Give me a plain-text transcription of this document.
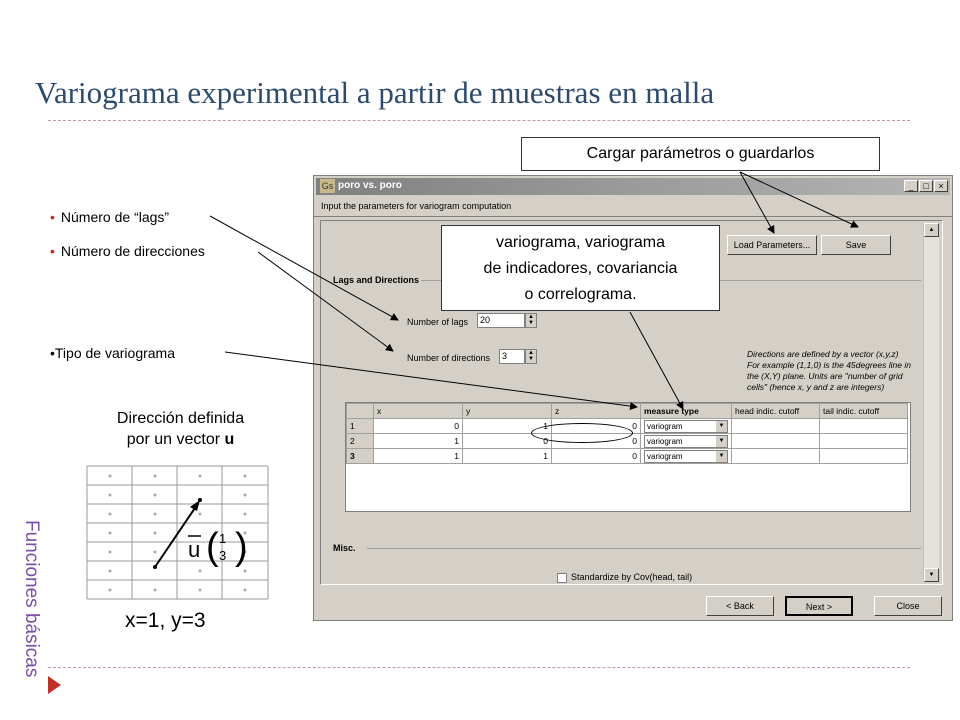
Variograma experimental a partir de muestras en malla
Funciones básicas
• Número de “lags”
• Número de direcciones
•Tipo de variograma
Dirección definida
por un vector u
u ( )
1
3
x=1, y=3
Gs poro vs. poro	_	□	×
Input the parameters for variogram computation
Load Parameters...	Save
Lags and Directions
Number of lags	20	▲
▼
Number of directions	3	▲
▼	Directions are defined by a vector (x,y,z) For example (1,1,0) is the 45degrees line in the (X,Y) plane. Units are "number of grid cells" (hence x, y and z are integers)
	x	y	z	measure type	head indic. cutoff	tail indic. cutoff
1	0	1	0	variogram ▼		

2	1	0	0	variogram ▼		

3	1	1	0	variogram ▼		

Misc.
Standardize by Cov(head, tail)
▲
▼
< Back	Next >	Close
Cargar parámetros o guardarlos
variograma, variograma
de indicadores, covariancia
o correlograma.
